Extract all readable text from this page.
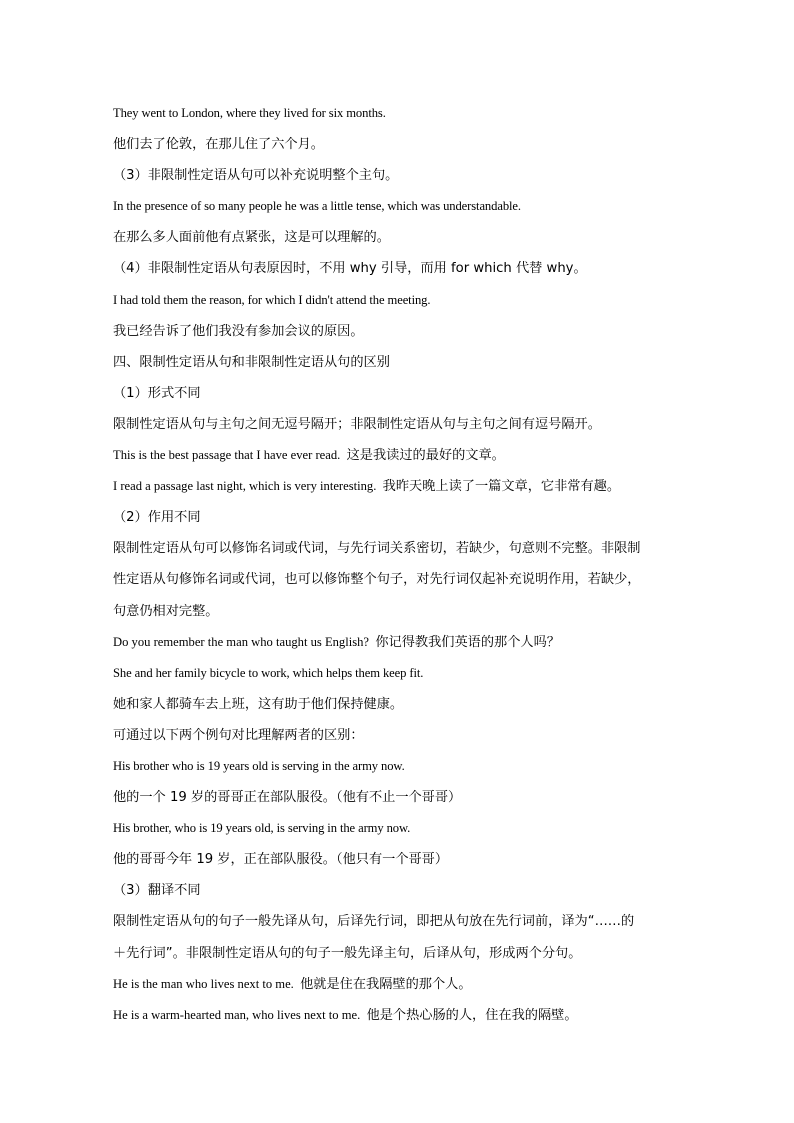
They went to London, where they lived for six months.
他们去了伦敦，在那儿住了六个月。
（3）非限制性定语从句可以补充说明整个主句。
In the presence of so many people he was a little tense, which was understandable.
在那么多人面前他有点紧张，这是可以理解的。
（4）非限制性定语从句表原因时，不用 why 引导，而用 for which 代替 why。
I had told them the reason, for which I didn't attend the meeting.
我已经告诉了他们我没有参加会议的原因。
四、限制性定语从句和非限制性定语从句的区别
（1）形式不同
限制性定语从句与主句之间无逗号隔开；非限制性定语从句与主句之间有逗号隔开。
This is the best passage that I have ever read. 这是我读过的最好的文章。
I read a passage last night, which is very interesting. 我昨天晚上读了一篇文章，它非常有趣。
（2）作用不同
限制性定语从句可以修饰名词或代词，与先行词关系密切，若缺少，句意则不完整。非限制
性定语从句修饰名词或代词，也可以修饰整个句子，对先行词仅起补充说明作用，若缺少，
句意仍相对完整。
Do you remember the man who taught us English? 你记得教我们英语的那个人吗？
She and her family bicycle to work, which helps them keep fit.
她和家人都骑车去上班，这有助于他们保持健康。
可通过以下两个例句对比理解两者的区别：
His brother who is 19 years old is serving in the army now.
他的一个 19 岁的哥哥正在部队服役。（他有不止一个哥哥）
His brother, who is 19 years old, is serving in the army now.
他的哥哥今年 19 岁，正在部队服役。（他只有一个哥哥）
（3）翻译不同
限制性定语从句的句子一般先译从句，后译先行词，即把从句放在先行词前，译为“……的
＋先行词”。非限制性定语从句的句子一般先译主句，后译从句，形成两个分句。
He is the man who lives next to me. 他就是住在我隔壁的那个人。
He is a warm-hearted man, who lives next to me. 他是个热心肠的人，住在我的隔壁。
